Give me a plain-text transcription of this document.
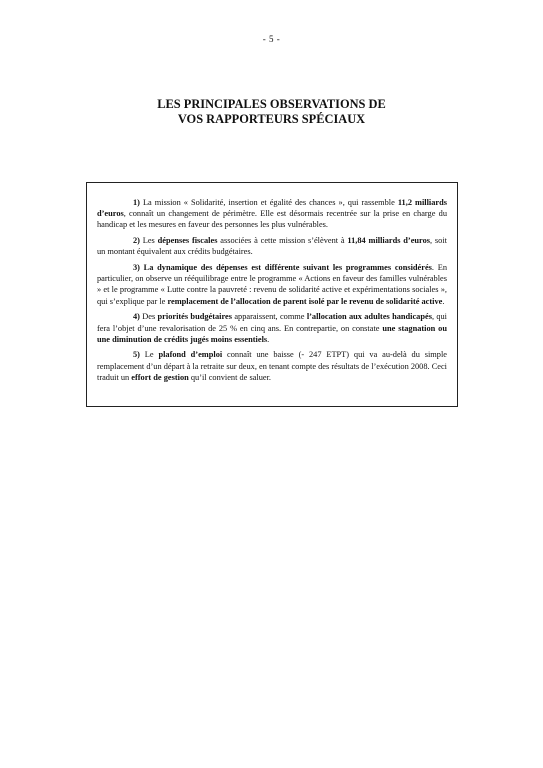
- 5 -
LES PRINCIPALES OBSERVATIONS DE
VOS RAPPORTEURS SPÉCIAUX

1) La mission « Solidarité, insertion et égalité des chances », qui rassemble 11,2 milliards d’euros, connaît un changement de périmètre. Elle est désormais recentrée sur la prise en charge du handicap et les mesures en faveur des personnes les plus vulnérables.

2) Les dépenses fiscales associées à cette mission s’élèvent à 11,84 milliards d’euros, soit un montant équivalent aux crédits budgétaires.

3) La dynamique des dépenses est différente suivant les programmes considérés. En particulier, on observe un rééquilibrage entre le programme « Actions en faveur des familles vulnérables » et le programme « Lutte contre la pauvreté : revenu de solidarité active et expérimentations sociales », qui s’explique par le remplacement de l’allocation de parent isolé par le revenu de solidarité active.

4) Des priorités budgétaires apparaissent, comme l’allocation aux adultes handicapés, qui fera l’objet d’une revalorisation de 25 % en cinq ans. En contrepartie, on constate une stagnation ou une diminution de crédits jugés moins essentiels.

5) Le plafond d’emploi connaît une baisse (- 247 ETPT) qui va au-delà du simple remplacement d’un départ à la retraite sur deux, en tenant compte des résultats de l’exécution 2008. Ceci traduit un effort de gestion qu’il convient de saluer.
